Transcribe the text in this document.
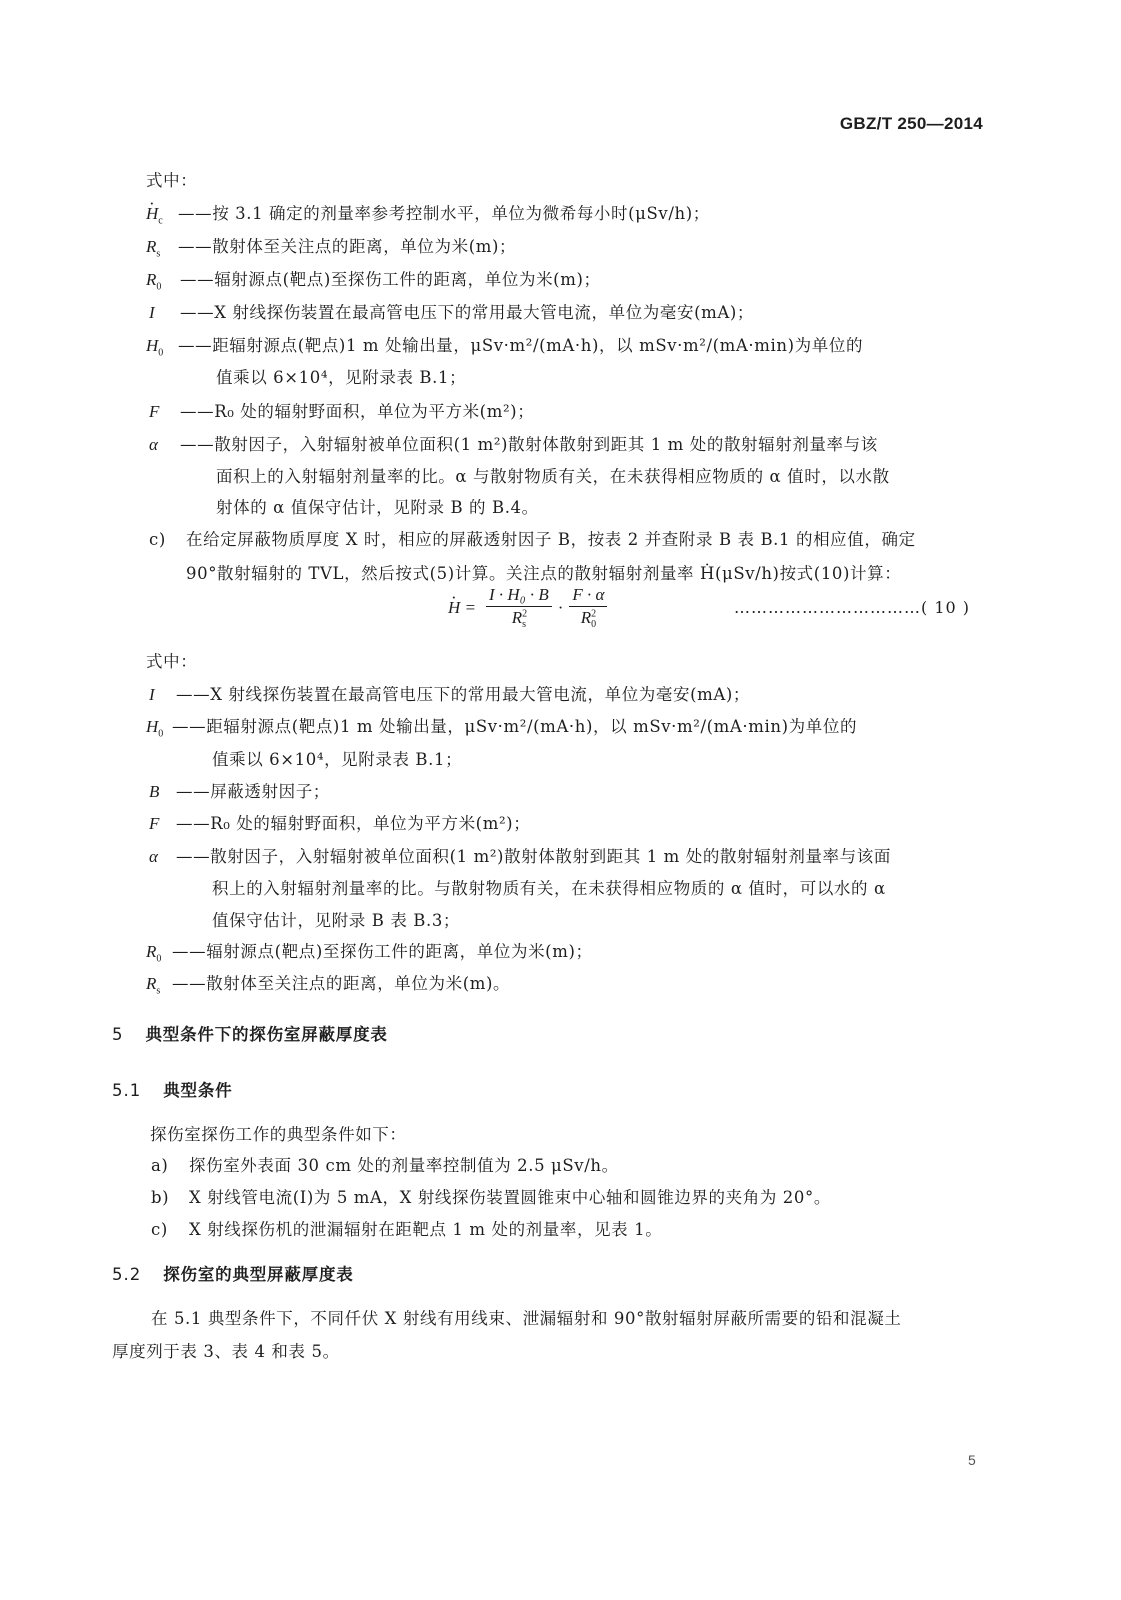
GBZ/T 250—2014
式中：
· $H_c$ ——按 3.1 确定的剂量率参考控制水平，单位为微希每小时(μSv/h)；
$R_s$ ——散射体至关注点的距离，单位为米(m)；
$R_0$ ——辐射源点(靶点)至探伤工件的距离，单位为米(m)；
I ——X 射线探伤装置在最高管电压下的常用最大管电流，单位为毫安(mA)；
$H_0$ ——距辐射源点(靶点)1 m 处输出量，μSv·m²/(mA·h)，以 mSv·m²/(mA·min)为单位的
值乘以 6×10⁴，见附录表 B.1；
F ——R₀ 处的辐射野面积，单位为平方米(m²)；
α ——散射因子，入射辐射被单位面积(1 m²)散射体散射到距其 1 m 处的散射辐射剂量率与该
面积上的入射辐射剂量率的比。α 与散射物质有关，在未获得相应物质的 α 值时，以水散
射体的 α 值保守估计，见附录 B 的 B.4。
c) 在给定屏蔽物质厚度 X 时，相应的屏蔽透射因子 B，按表 2 并查附录 B 表 B.1 的相应值，确定
90°散射辐射的 TVL，然后按式(5)计算。关注点的散射辐射剂量率 Ḣ(μSv/h)按式(10)计算：
· $H = \frac{\text{I · H₀ · B}}{R^2_s} \cdot \frac{F \cdot \alpha}{R^2_0}$	……………………………( 10 )
式中：
I ——X 射线探伤装置在最高管电压下的常用最大管电流，单位为毫安(mA)；
$H_0$ ——距辐射源点(靶点)1 m 处输出量，μSv·m²/(mA·h)，以 mSv·m²/(mA·min)为单位的
值乘以 6×10⁴，见附录表 B.1；
B ——屏蔽透射因子；
F ——R₀ 处的辐射野面积，单位为平方米(m²)；
α ——散射因子，入射辐射被单位面积(1 m²)散射体散射到距其 1 m 处的散射辐射剂量率与该面
积上的入射辐射剂量率的比。与散射物质有关，在未获得相应物质的 α 值时，可以水的 α
值保守估计，见附录 B 表 B.3；
$R_0$ ——辐射源点(靶点)至探伤工件的距离，单位为米(m)；
$R_s$ ——散射体至关注点的距离，单位为米(m)。
5 典型条件下的探伤室屏蔽厚度表
5.1 典型条件
探伤室探伤工作的典型条件如下：
a) 探伤室外表面 30 cm 处的剂量率控制值为 2.5 μSv/h。
b) X 射线管电流(I)为 5 mA，X 射线探伤装置圆锥束中心轴和圆锥边界的夹角为 20°。
c) X 射线探伤机的泄漏辐射在距靶点 1 m 处的剂量率，见表 1。
5.2 探伤室的典型屏蔽厚度表
在 5.1 典型条件下，不同仟伏 X 射线有用线束、泄漏辐射和 90°散射辐射屏蔽所需要的铅和混凝土
厚度列于表 3、表 4 和表 5。
5
